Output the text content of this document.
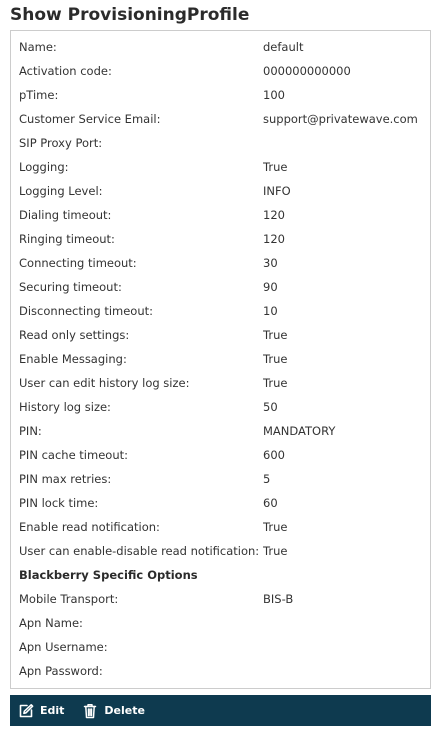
Show ProvisioningProfile
Name:	default
Activation code:	000000000000
pTime:	100
Customer Service Email:	support@privatewave.com
SIP Proxy Port:
Logging:	True
Logging Level:	INFO
Dialing timeout:	120
Ringing timeout:	120
Connecting timeout:	30
Securing timeout:	90
Disconnecting timeout:	10
Read only settings:	True
Enable Messaging:	True
User can edit history log size:	True
History log size:	50
PIN:	MANDATORY
PIN cache timeout:	600
PIN max retries:	5
PIN lock time:	60
Enable read notification:	True
User can enable-disable read notification: True
Blackberry Specific Options
Mobile Transport:	BIS-B
Apn Name:
Apn Username:
Apn Password:
Edit	Delete
